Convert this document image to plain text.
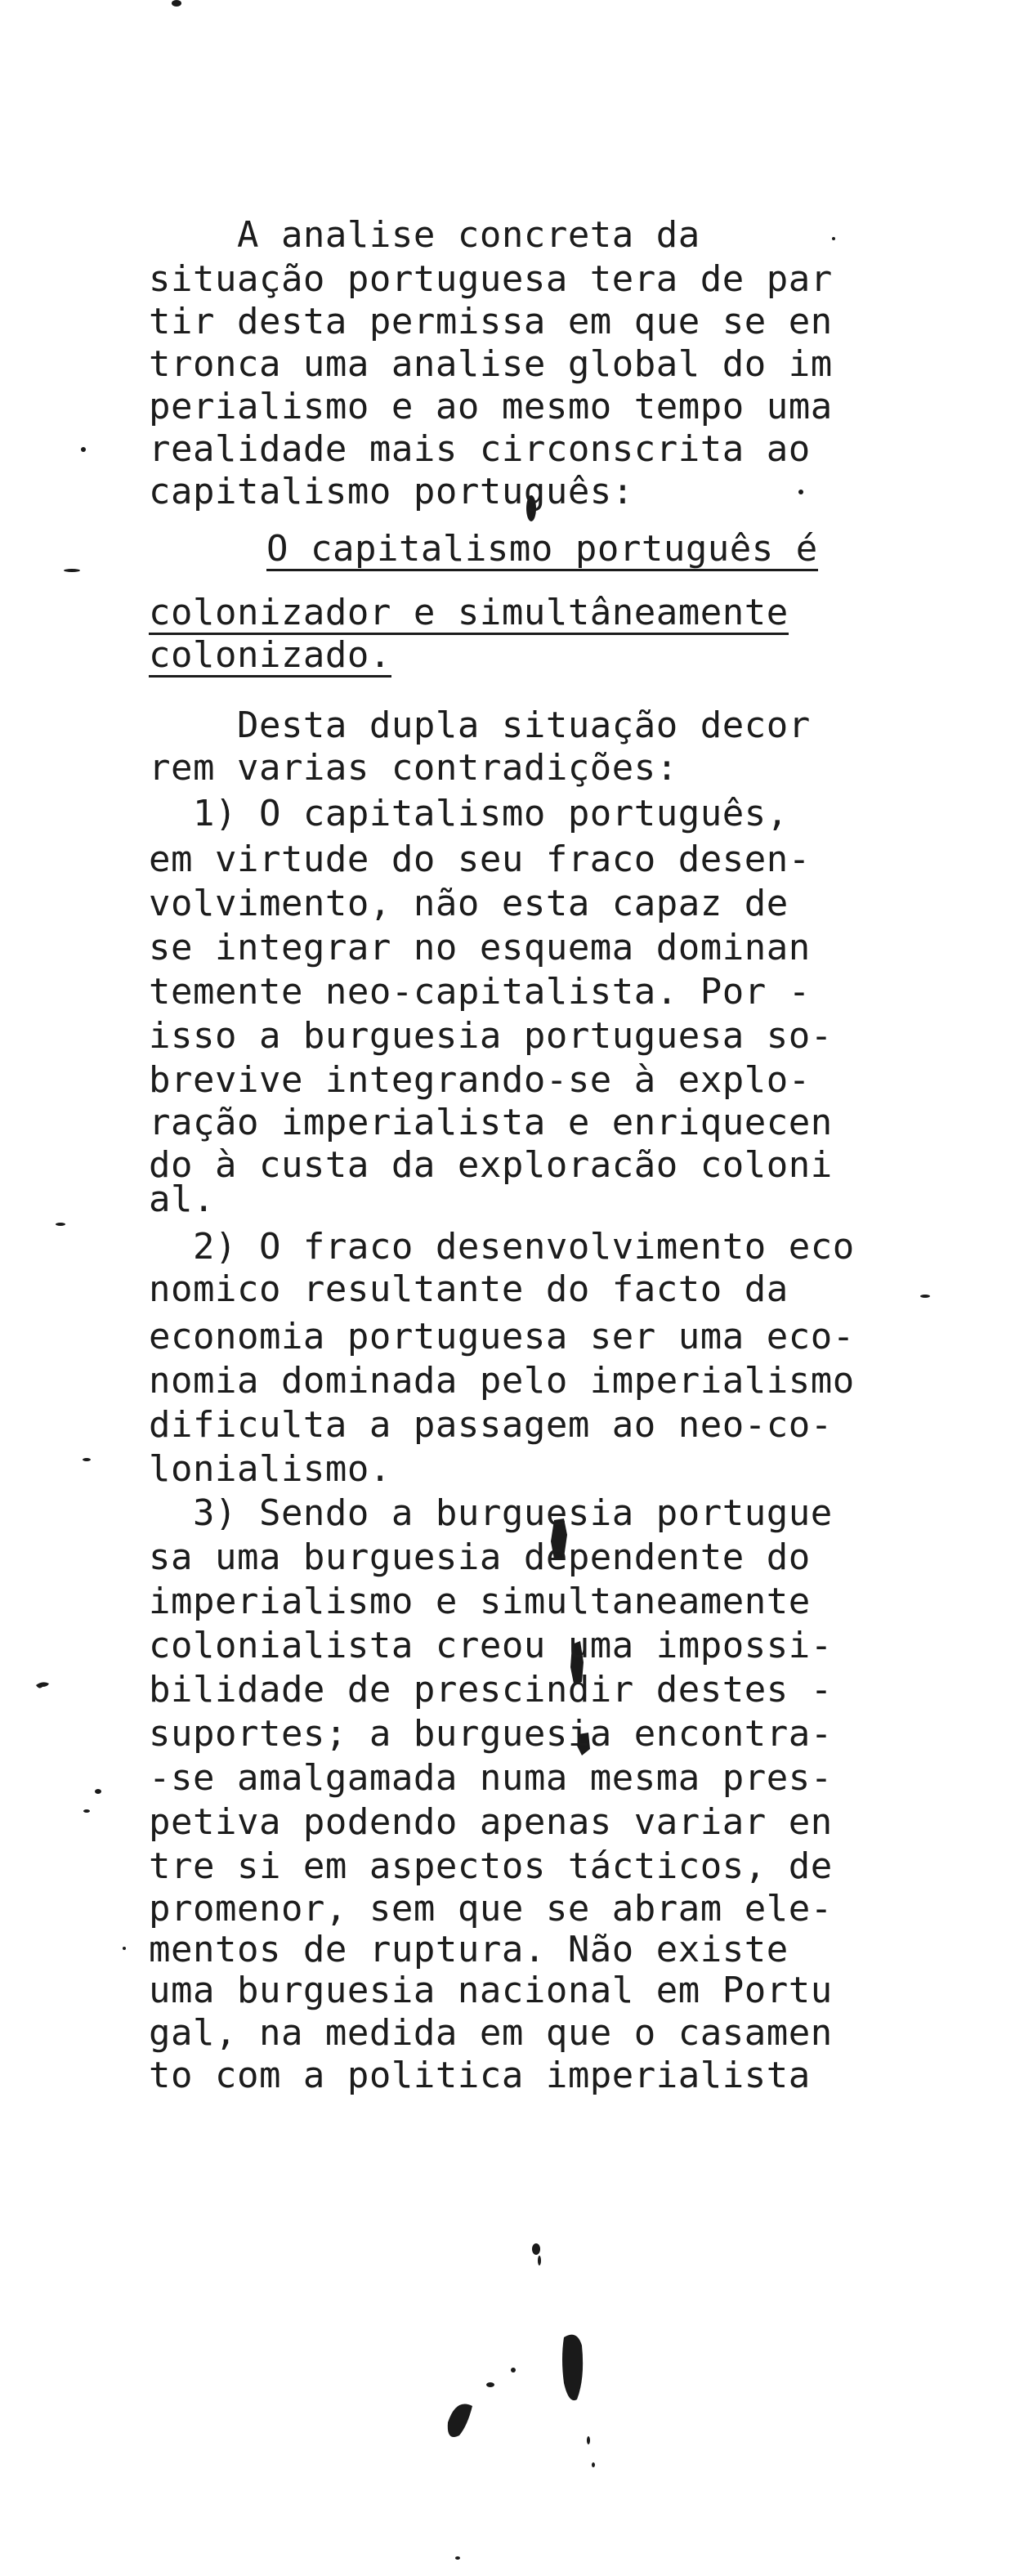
A analise concreta da
situação portuguesa tera de par
tir desta permissa em que se en
tronca uma analise global do im
perialismo e ao mesmo tempo uma
realidade mais circonscrita ao
capitalismo português:
O capitalismo português é
colonizador e simultâneamente
colonizado.
Desta dupla situação decor
rem varias contradições:
1) O capitalismo português,
em virtude do seu fraco desen-
volvimento, não esta capaz de
se integrar no esquema dominan
temente neo-capitalista. Por -
isso a burguesia portuguesa so-
brevive integrando-se à explo-
ração imperialista e enriquecen
do à custa da exploracão coloni
al.
2) O fraco desenvolvimento eco
nomico resultante do facto da
economia portuguesa ser uma eco-
nomia dominada pelo imperialismo
dificulta a passagem ao neo-co-
lonialismo.
3) Sendo a burguesia portugue
sa uma burguesia dependente do
imperialismo e simultaneamente
colonialista creou uma impossi-
bilidade de prescindir destes -
suportes; a burguesia encontra-
-se amalgamada numa mesma pres-
petiva podendo apenas variar en
tre si em aspectos tácticos, de
promenor, sem que se abram ele-
mentos de ruptura. Não existe
uma burguesia nacional em Portu
gal, na medida em que o casamen
to com a politica imperialista
